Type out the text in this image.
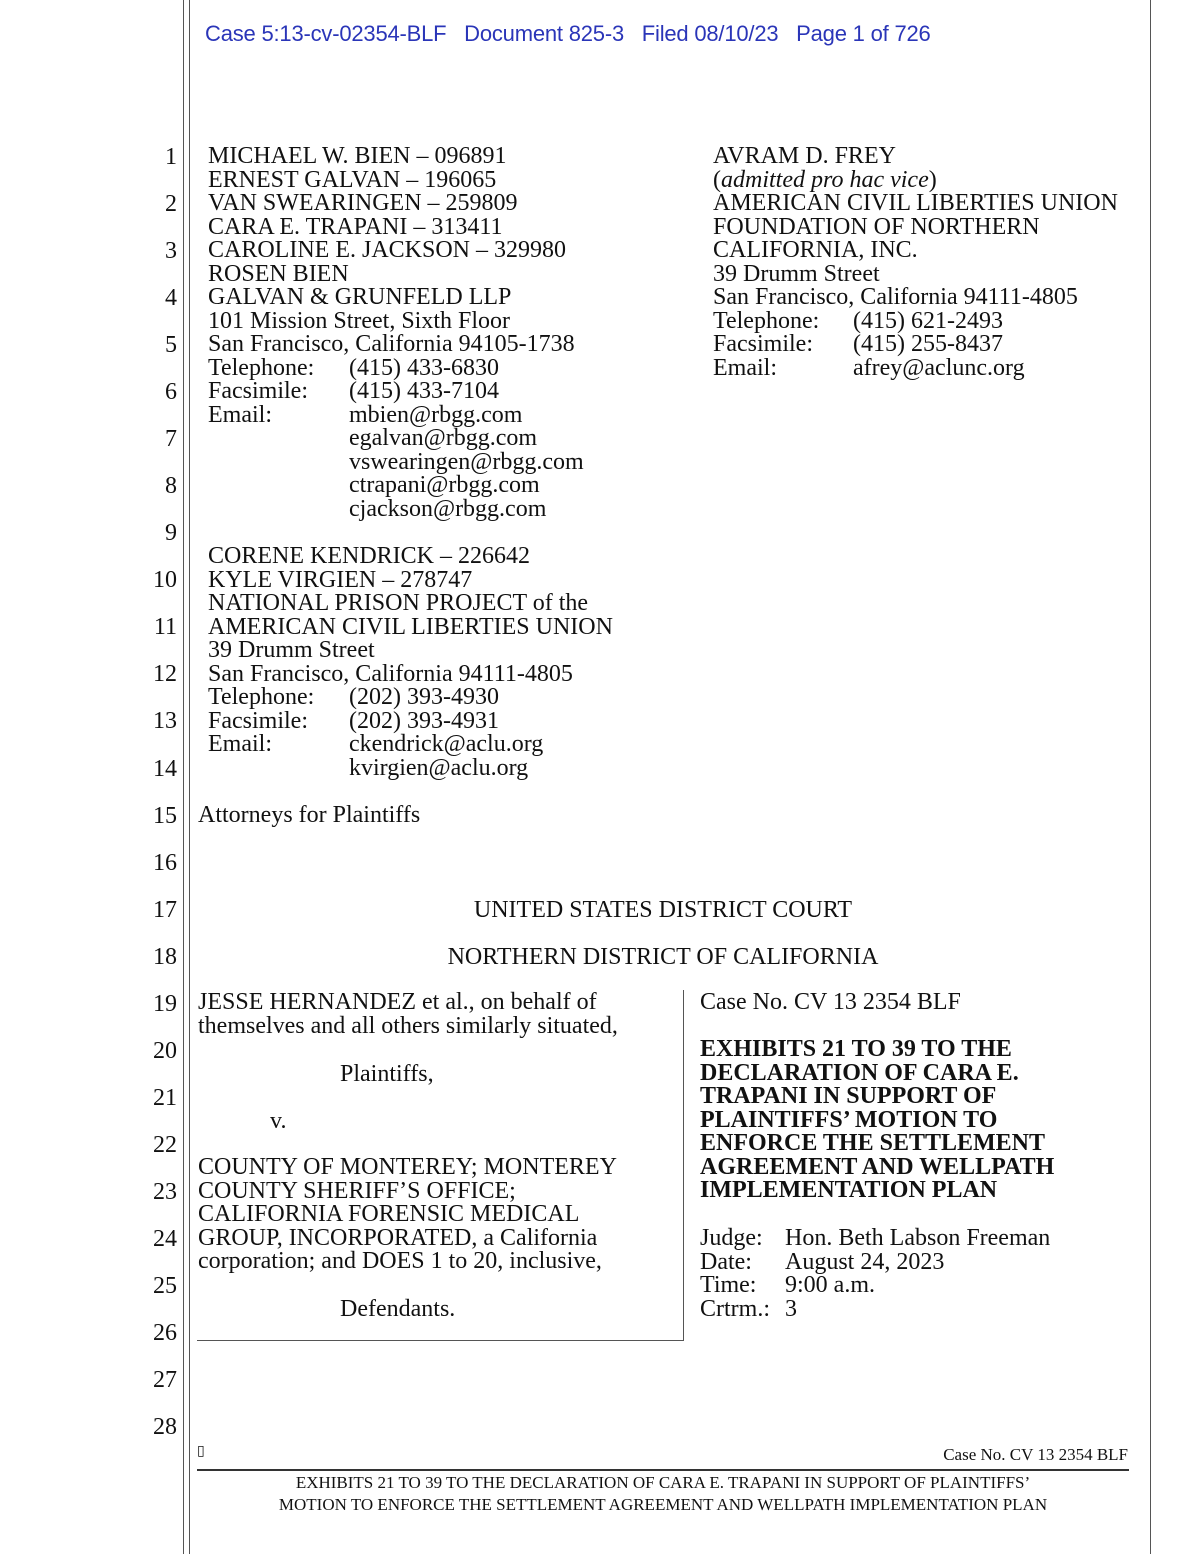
Case 5:13-cv-02354-BLF Document 825-3 Filed 08/10/23 Page 1 of 726
1
2
3
4
5
6
7
8
9
10
11
12
13
14
15
16
17
18
19
20
21
22
23
24
25
26
27
28
MICHAEL W. BIEN – 096891
ERNEST GALVAN – 196065
VAN SWEARINGEN – 259809
CARA E. TRAPANI – 313411
CAROLINE E. JACKSON – 329980
ROSEN BIEN
GALVAN & GRUNFELD LLP
101 Mission Street, Sixth Floor
San Francisco, California 94105-1738
Telephone:	(415) 433-6830
Facsimile:	(415) 433-7104
Email:	mbien@rbgg.com
egalvan@rbgg.com
vswearingen@rbgg.com
ctrapani@rbgg.com
cjackson@rbgg.com
CORENE KENDRICK – 226642
KYLE VIRGIEN – 278747
NATIONAL PRISON PROJECT of the
AMERICAN CIVIL LIBERTIES UNION
39 Drumm Street
San Francisco, California 94111-4805
Telephone:	(202) 393-4930
Facsimile:	(202) 393-4931
Email:	ckendrick@aclu.org
kvirgien@aclu.org
AVRAM D. FREY
(admitted pro hac vice)
AMERICAN CIVIL LIBERTIES UNION
FOUNDATION OF NORTHERN
CALIFORNIA, INC.
39 Drumm Street
San Francisco, California 94111-4805
Telephone:	(415) 621-2493
Facsimile:	(415) 255-8437
Email:	afrey@aclunc.org
Attorneys for Plaintiffs
UNITED STATES DISTRICT COURT
NORTHERN DISTRICT OF CALIFORNIA
JESSE HERNANDEZ et al., on behalf of
themselves and all others similarly situated,
Plaintiffs,
v.
COUNTY OF MONTEREY; MONTEREY
COUNTY SHERIFF’S OFFICE;
CALIFORNIA FORENSIC MEDICAL
GROUP, INCORPORATED, a California
corporation; and DOES 1 to 20, inclusive,
Defendants.
Case No. CV 13 2354 BLF
EXHIBITS 21 TO 39 TO THE
DECLARATION OF CARA E.
TRAPANI IN SUPPORT OF
PLAINTIFFS’ MOTION TO
ENFORCE THE SETTLEMENT
AGREEMENT AND WELLPATH
IMPLEMENTATION PLAN
Judge: Hon. Beth Labson Freeman
Date:	August 24, 2023
Time:	9:00 a.m.
Crtrm.: 3
▯	Case No. CV 13 2354 BLF
EXHIBITS 21 TO 39 TO THE DECLARATION OF CARA E. TRAPANI IN SUPPORT OF PLAINTIFFS’
MOTION TO ENFORCE THE SETTLEMENT AGREEMENT AND WELLPATH IMPLEMENTATION PLAN
